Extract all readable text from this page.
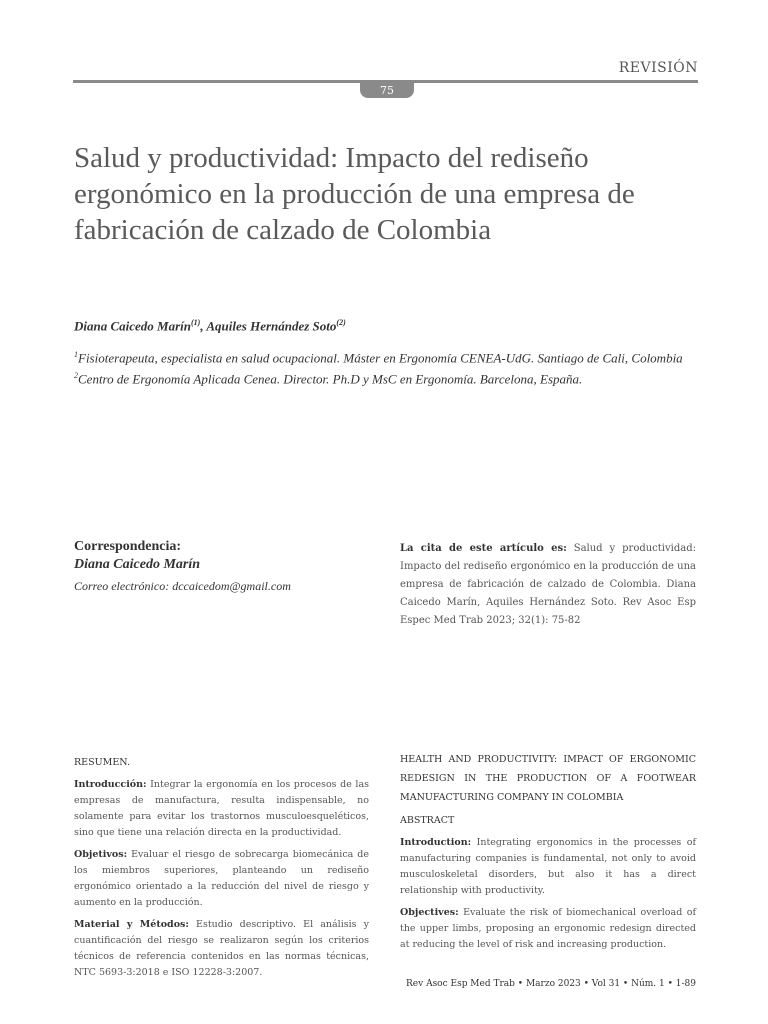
REVISIÓN
75
Salud y productividad: Impacto del rediseño ergonómico en la producción de una empresa de fabricación de calzado de Colombia
Diana Caicedo Marín$^{(1)}$, Aquiles Hernández Soto$^{(2)}$
$^1$Fisioterapeuta, especialista en salud ocupacional. Máster en Ergonomía CENEA-UdG. Santiago de Cali, Colombia
$^2$Centro de Ergonomía Aplicada Cenea. Director. Ph.D y MsC en Ergonomía. Barcelona, España.
Correspondencia:
Diana Caicedo Marín
Correo electrónico: dccaicedom@gmail.com
La cita de este artículo es: Salud y productividad: Impacto del rediseño ergonómico en la producción de una empresa de fabricación de calzado de Colombia. Diana Caicedo Marín, Aquiles Hernández Soto. Rev Asoc Esp Espec Med Trab 2023; 32(1): 75-82
RESUMEN.

Introducción: Integrar la ergonomía en los procesos de las empresas de manufactura, resulta indispensable, no solamente para evitar los trastornos musculoesqueléticos, sino que tiene una relación directa en la productividad.

Objetivos: Evaluar el riesgo de sobrecarga biomecánica de los miembros superiores, planteando un rediseño ergonómico orientado a la reducción del nivel de riesgo y aumento en la producción.

Material y Métodos: Estudio descriptivo. El análisis y cuantificación del riesgo se realizaron según los criterios técnicos de referencia contenidos en las normas técnicas, NTC 5693-3:2018 e ISO 12228-3:2007.

HEALTH AND PRODUCTIVITY: IMPACT OF ERGONOMIC REDESIGN IN THE PRODUCTION OF A FOOTWEAR MANUFACTURING COMPANY IN COLOMBIA
ABSTRACT

Introduction: Integrating ergonomics in the processes of manufacturing companies is fundamental, not only to avoid musculoskeletal disorders, but also it has a direct relationship with productivity.

Objectives: Evaluate the risk of biomechanical overload of the upper limbs, proposing an ergonomic redesign directed at reducing the level of risk and increasing production.

Rev Asoc Esp Med Trab • Marzo 2023 • Vol 31 • Núm. 1 • 1-89
